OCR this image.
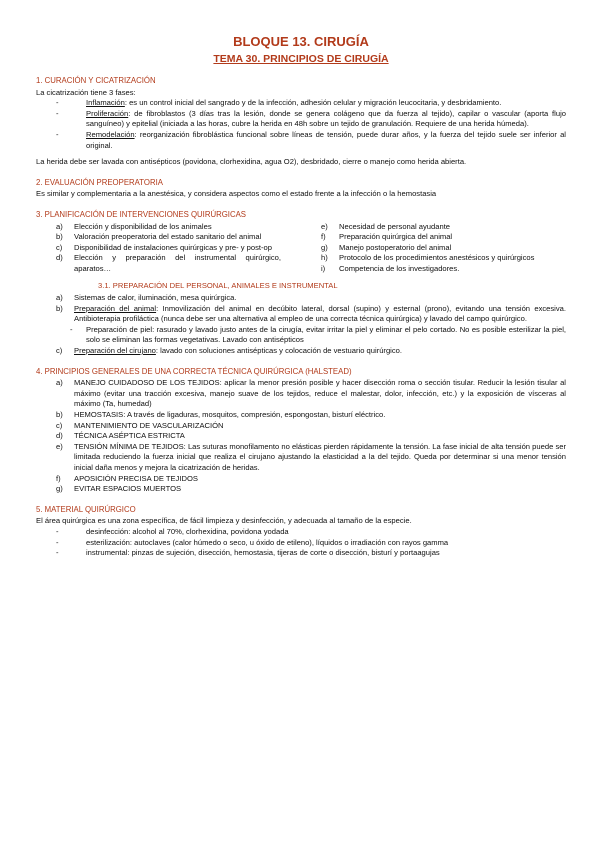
BLOQUE 13. CIRUGÍA
TEMA 30. PRINCIPIOS DE CIRUGÍA
1. CURACIÓN Y CICATRIZACIÓN

La cicatrización tiene 3 fases:

- Inflamación: es un control inicial del sangrado y de la infección, adhesión celular y migración leucocitaria, y desbridamiento.
- Proliferación: de fibroblastos (3 días tras la lesión, donde se genera colágeno que da fuerza al tejido), capilar o vascular (aporta flujo sanguíneo) y epitelial (iniciada a las horas, cubre la herida en 48h sobre un tejido de granulación. Requiere de una herida húmeda).
- Remodelación: reorganización fibroblástica funcional sobre líneas de tensión, puede durar años, y la fuerza del tejido suele ser inferior al original.

La herida debe ser lavada con antisépticos (povidona, clorhexidina, agua O2), desbridado, cierre o manejo como herida abierta.

2. EVALUACIÓN PREOPERATORIA

Es similar y complementaria a la anestésica, y considera aspectos como el estado frente a la infección o la hemostasia

3. PLANIFICACIÓN DE INTERVENCIONES QUIRÚRGICAS
a) Elección y disponibilidad de los animales
b) Valoración preoperatoria del estado sanitario del animal
c) Disponibilidad de instalaciones quirúrgicas y pre- y post-op
d) Elección y preparación del instrumental quirúrgico, aparatos…
e) Necesidad de personal ayudante
f) Preparación quirúrgica del animal
g) Manejo postoperatorio del animal
h) Protocolo de los procedimientos anestésicos y quirúrgicos
i) Competencia de los investigadores.
3.1. PREPARACIÓN DEL PERSONAL, ANIMALES E INSTRUMENTAL
a) Sistemas de calor, iluminación, mesa quirúrgica.
b) Preparación del animal: Inmovilización del animal en decúbito lateral, dorsal (supino) y esternal (prono), evitando una tensión excesiva. Antibioterapia profiláctica (nunca debe ser una alternativa al empleo de una correcta técnica quirúrgica) y lavado del campo quirúrgico.
- Preparación de piel: rasurado y lavado justo antes de la cirugía, evitar irritar la piel y eliminar el pelo cortado. No es posible esterilizar la piel, solo se eliminan las formas vegetativas. Lavado con antisépticos
c) Preparación del cirujano: lavado con soluciones antisépticas y colocación de vestuario quirúrgico.
4. PRINCIPIOS GENERALES DE UNA CORRECTA TÉCNICA QUIRÚRGICA (HALSTEAD)
a) MANEJO CUIDADOSO DE LOS TEJIDOS: aplicar la menor presión posible y hacer disección roma o sección tisular. Reducir la lesión tisular al máximo (evitar una tracción excesiva, manejo suave de los tejidos, reduce el malestar, dolor, infección, etc.) y la exposición de vísceras al máximo (Ta, humedad)
b) HEMOSTASIS: A través de ligaduras, mosquitos, compresión, espongostan, bisturí eléctrico.
c) MANTENIMIENTO DE VASCULARIZACIÓN
d) TÉCNICA ASÉPTICA ESTRICTA
e) TENSIÓN MÍNIMA DE TEJIDOS: Las suturas monofilamento no elásticas pierden rápidamente la tensión. La fase inicial de alta tensión puede ser limitada reduciendo la fuerza inicial que realiza el cirujano ajustando la elasticidad a la del tejido. Queda por determinar si una menor tensión inicial daña menos y mejora la cicatrización de heridas.
f) APOSICIÓN PRECISA DE TEJIDOS
g) EVITAR ESPACIOS MUERTOS
5. MATERIAL QUIRÚRGICO

El área quirúrgica es una zona específica, de fácil limpieza y desinfección, y adecuada al tamaño de la especie.

- desinfección: alcohol al 70%, clorhexidina, povidona yodada
- esterilización: autoclaves (calor húmedo o seco, u óxido de etileno), líquidos o irradiación con rayos gamma
- instrumental: pinzas de sujeción, disección, hemostasia, tijeras de corte o disección, bisturí y portaagujas
